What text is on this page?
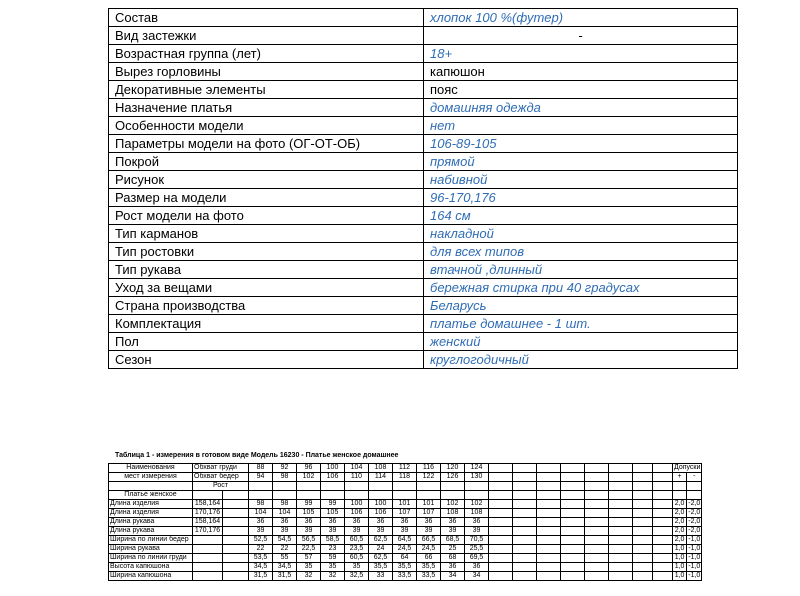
Состав	хлопок 100 %(футер)
Вид застежки	-
Возрастная группа (лет)	18+
Вырез горловины	капюшон
Декоративные элементы	пояс
Назначение платья	домашняя одежда
Особенности модели	нет
Параметры модели на фото (ОГ-ОТ-ОБ)	106-89-105
Покрой	прямой
Рисунок	набивной
Размер на модели	96-170,176
Рост модели на фото	164 см
Тип карманов	накладной
Тип ростовки	для всех типов
Тип рукава	втачной ,длинный
Уход за вещами	бережная стирка при 40 градусах
Страна производства	Беларусь
Комплектация	платье домашнее - 1 шт.
Пол	женский
Сезон	круглогодичный
Таблица 1 - измерения в готовом виде Модель 16230 - Платье женское домашнее
Наименования	Обхват груди		88	92	96	100	104	108	112	116	120	124									Допуски	
мест измерения	Обхват бедер		94	98	102	106	110	114	118	122	126	130									+	-
	Рост																					
Платье женское																						
Длина изделия	158,164		98	98	99	99	100	100	101	101	102	102									2,0	-2,0
Длина изделия	170,176		104	104	105	105	106	106	107	107	108	108									2,0	-2,0
Длина рукава	158,164		36	36	36	36	36	36	36	36	36	36									2,0	-2,0
Длина рукава	170,176		39	39	39	39	39	39	39	39	39	39									2,0	-2,0
Ширина по линии бедер			52,5	54,5	56,5	58,5	60,5	62,5	64,5	66,5	68,5	70,5									2,0	-1,0
Ширина рукава			22	22	22,5	23	23,5	24	24,5	24,5	25	25,5									1,0	-1,0
Ширина по линии груди			53,5	55	57	59	60,5	62,5	64	66	68	69,5									1,0	-1,0
Высота капюшона			34,5	34,5	35	35	35	35,5	35,5	35,5	36	36									1,0	-1,0
Ширина капюшона			31,5	31,5	32	32	32,5	33	33,5	33,5	34	34									1,0	-1,0
